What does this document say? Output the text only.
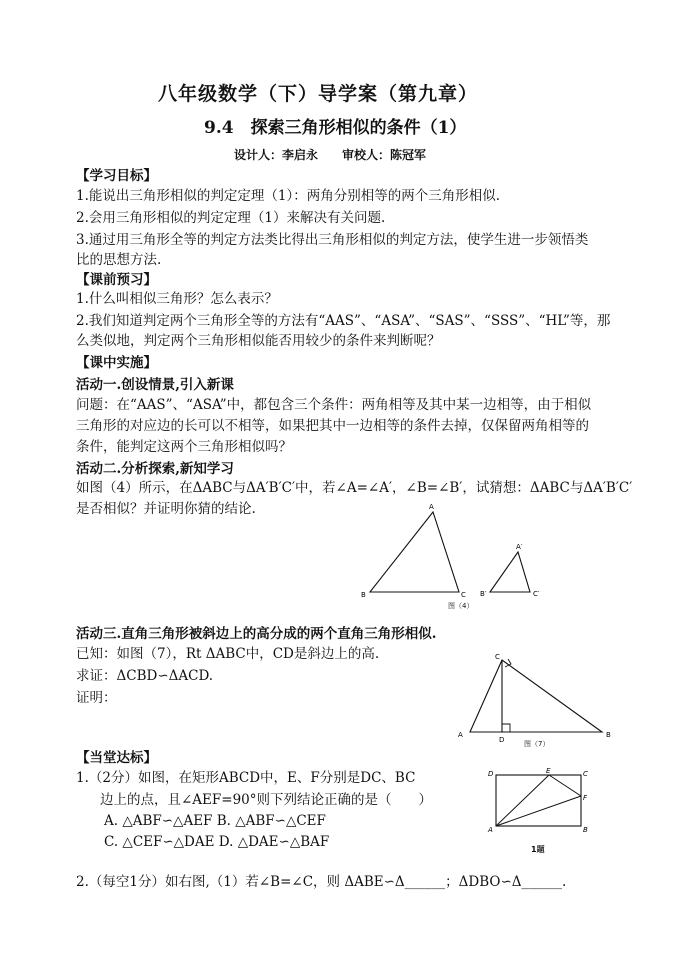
八年级数学（下）导学案（第九章）
9.4　探索三角形相似的条件（1）
设计人：李启永　　审校人：陈冠军
【学习目标】
1.能说出三角形相似的判定定理（1）：两角分别相等的两个三角形相似.
2.会用三角形相似的判定定理（1）来解决有关问题.
3.通过用三角形全等的判定方法类比得出三角形相似的判定方法，使学生进一步领悟类
比的思想方法.
【课前预习】
1.什么叫相似三角形？怎么表示？
2.我们知道判定两个三角形全等的方法有“AAS”、“ASA”、“SAS”、“SSS”、“HL”等，那
么类似地，判定两个三角形相似能否用较少的条件来判断呢？
【课中实施】
活动一.创设情景,引入新课
问题：在“AAS”、“ASA”中，都包含三个条件：两角相等及其中某一边相等，由于相似
三角形的对应边的长可以不相等，如果把其中一边相等的条件去掉，仅保留两角相等的
条件，能判定这两个三角形相似吗？
活动二.分析探索,新知学习
如图（4）所示，在ΔABC与ΔA′B′C′中，若∠A=∠A′，∠B=∠B′，试猜想：ΔABC与ΔA′B′C′
是否相似？并证明你猜的结论.	A
B	C
A′
B′	C′
图（4）
活动三.直角三角形被斜边上的高分成的两个直角三角形相似.
已知：如图（7），Rt ΔABC中，CD是斜边上的高.
求证：ΔCBD∽ΔACD.
证明：
C
A	B
D	图（7）
【当堂达标】
1.（2分）如图，在矩形ABCD中，E、F分别是DC、BC
边上的点，且∠AEF=90°则下列结论正确的是（　　）
A. △ABF∽△AEF B. △ABF∽△CEF
C. △CEF∽△DAE D. △DAE∽△BAF
D	E	C
F
A	B
1题
2.（每空1分）如右图,（1）若∠B=∠C，则 ΔABE∽Δ______；ΔDBO∽Δ______.
